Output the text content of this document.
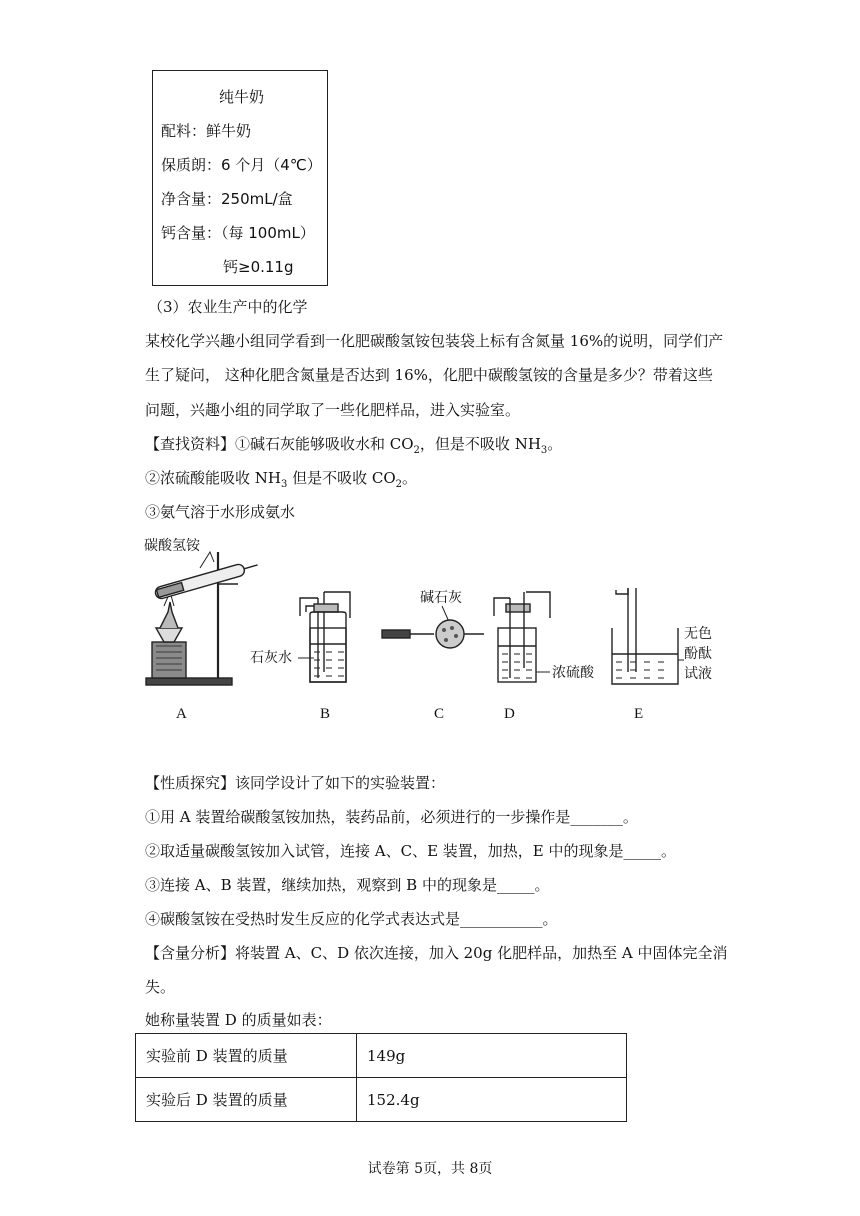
纯牛奶
配料：鲜牛奶
保质朗：6 个月（4℃）
净含量：250mL/盒
钙含量：（每 100mL）
钙≥0.11g
（3）农业生产中的化学
某校化学兴趣小组同学看到一化肥碳酸氢铵包装袋上标有含氮量 16%的说明，同学们产
生了疑问， 这种化肥含氮量是否达到 16%，化肥中碳酸氢铵的含量是多少？带着这些
问题，兴趣小组的同学取了一些化肥样品，进入实验室。
【查找资料】①碱石灰能够吸收水和 $CO_2$，但是不吸收 $NH_3$。
②浓硫酸能吸收 $NH_3$ 但是不吸收 $CO_2$。
③氨气溶于水形成氨水
碳酸氢铵
石灰水
碱石灰
浓硫酸
无色
酚酞
试液
A	B	C	D	E
【性质探究】该同学设计了如下的实验装置：
①用 A 装置给碳酸氢铵加热，装药品前，必须进行的一步操作是_______。
②取适量碳酸氢铵加入试管，连接 A、C、E 装置，加热，E 中的现象是_____。
③连接 A、B 装置，继续加热，观察到 B 中的现象是_____。
④碳酸氢铵在受热时发生反应的化学式表达式是___________。
【含量分析】将装置 A、C、D 依次连接，加入 20g 化肥样品，加热至 A 中固体完全消
失。
她称量装置 D 的质量如表：
实验前 D 装置的质量	149g
实验后 D 装置的质量	152.4g
试卷第 5页，共 8页
